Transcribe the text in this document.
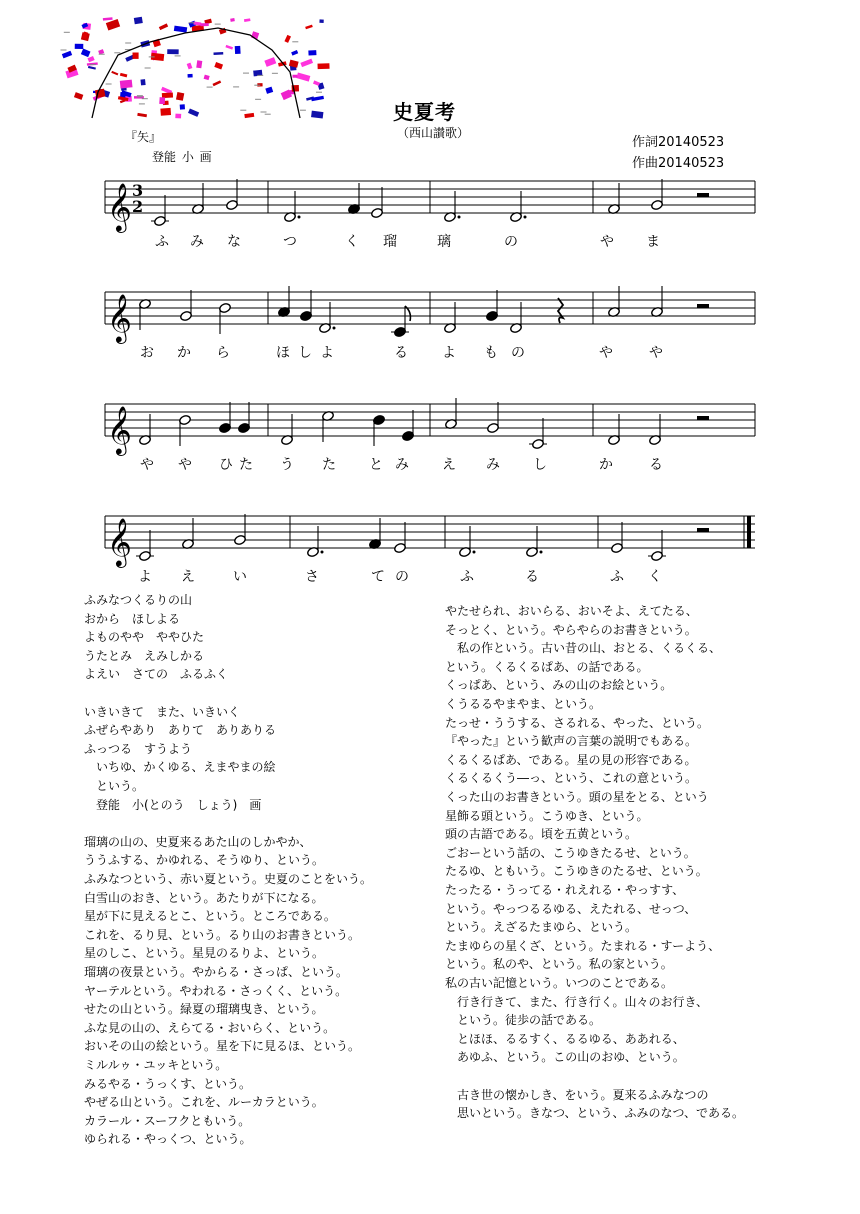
史夏考
（西山讃歌）
作詞20140523
作曲20140523
『矢』
登能 小 画
𝄞 3
2
ふ み な	つ	く 瑠	璃	の	や ま
𝄞
お か ら	ほ し よ	る よ も の	や	や
𝄞
や や ひ た う た と み え み し	か	る
𝄞
よ え	い	さ	て の	ふ	る	ふ く
ふみなつくるりの山
おから　ほしよる
よものやや　ややひた
うたとみ　えみしかる
よえい　さての　ふるふく
いきいきて　また、いきいく
ふぜらやあり　ありて　ありありる
ふっつる　すうよう
　いちゆ、かくゆる、えまやまの絵
　という。
　登能　小(とのう　しょう)　画
瑠璃の山の、史夏来るあた山のしかやか、
ううふする、かゆれる、そうゆり、という。
ふみなつという、赤い夏という。史夏のことをいう。
白雪山のおき、という。あたりが下になる。
星が下に見えるとこ、という。ところである。
これを、るり見、という。るり山のお書きという。
星のしこ、という。星見のるりよ、という。
瑠璃の夜景という。やからる・さっぱ、という。
ヤーテルという。やわれる・さっくく、という。
せたの山という。緑夏の瑠璃曳き、という。
ふな見の山の、えらてる・おいらく、という。
おいその山の絵という。星を下に見るほ、という。
ミルルゥ・ユッキという。
みるやる・うっくす、という。
やぜる山という。これを、ルーカラという。
カラール・スーフクともいう。
ゆられる・やっくつ、という。
やたせられ、おいらる、おいそよ、えてたる、
そっとく、という。やらやらのお書きという。
　私の作という。古い昔の山、おとる、くるくる、
という。くるくるぱあ、の話である。
くっぱあ、という、みの山のお絵という。
くうるるやまやま、という。
たっせ・ううする、さるれる、やった、という。
『やった』という歓声の言葉の説明でもある。
くるくるぱあ、である。星の見の形容である。
くるくるくう―っ、という、これの意という。
くった山のお書きという。頭の星をとる、という
星飾る頭という。こうゆき、という。
頭の古語である。頃を五黄という。
ごおーという話の、こうゆきたるせ、という。
たるゆ、ともいう。こうゆきのたるせ、という。
たったる・うってる・れえれる・やっすす、
という。やっつるるゆる、えたれる、せっつ、
という。えざるたまゆら、という。
たまゆらの星くざ、という。たまれる・すーよう、
という。私のや、という。私の家という。
私の古い記憶という。いつのことである。
　行き行きて、また、行き行く。山々のお行き、
　という。徒歩の話である。
　とほほ、るるすく、るるゆる、ああれる、
　あゆふ、という。この山のおゆ、という。
　古き世の懐かしき、をいう。夏来るふみなつの
　思いという。きなつ、という、ふみのなつ、である。
